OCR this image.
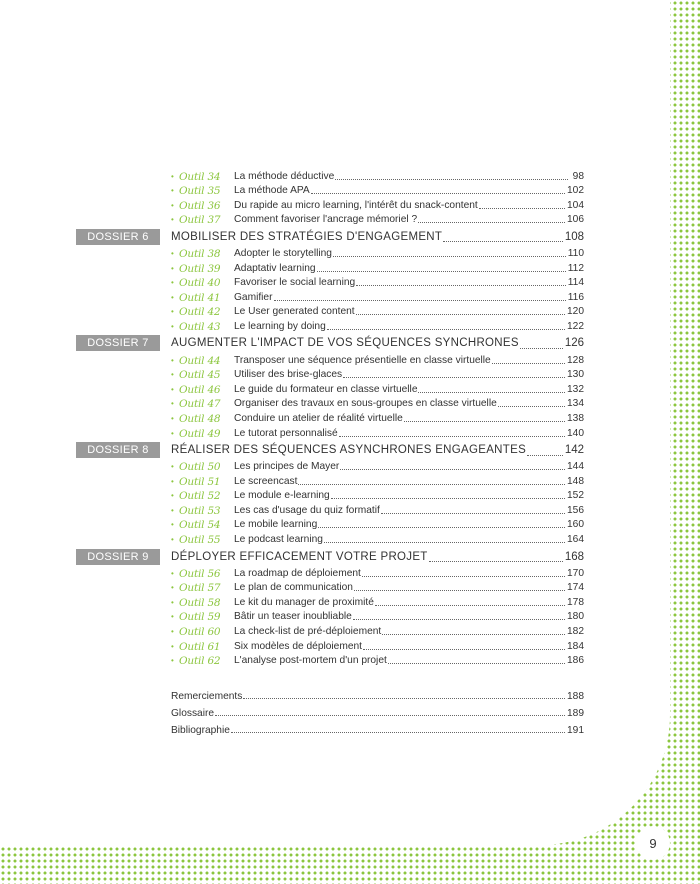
• Outil 34	La méthode déductive	98
• Outil 35	La méthode APA	102
• Outil 36	Du rapide au micro learning, l'intérêt du snack-content	104
• Outil 37	Comment favoriser l'ancrage mémoriel ?	106
DOSSIER 6	MOBILISER DES STRATÉGIES D'ENGAGEMENT	108
• Outil 38	Adopter le storytelling	110
• Outil 39	Adaptativ learning	112
• Outil 40	Favoriser le social learning	114
• Outil 41	Gamifier	116
• Outil 42	Le User generated content	120
• Outil 43	Le learning by doing	122
DOSSIER 7	AUGMENTER L'IMPACT DE VOS SÉQUENCES SYNCHRONES	126
• Outil 44	Transposer une séquence présentielle en classe virtuelle	128
• Outil 45	Utiliser des brise-glaces	130
• Outil 46	Le guide du formateur en classe virtuelle	132
• Outil 47	Organiser des travaux en sous-groupes en classe virtuelle	134
• Outil 48	Conduire un atelier de réalité virtuelle	138
• Outil 49	Le tutorat personnalisé	140
DOSSIER 8	RÉALISER DES SÉQUENCES ASYNCHRONES ENGAGEANTES	142
• Outil 50	Les principes de Mayer	144
• Outil 51	Le screencast	148
• Outil 52	Le module e-learning	152
• Outil 53	Les cas d'usage du quiz formatif	156
• Outil 54	Le mobile learning	160
• Outil 55	Le podcast learning	164
DOSSIER 9	DÉPLOYER EFFICACEMENT VOTRE PROJET	168
• Outil 56	La roadmap de déploiement	170
• Outil 57	Le plan de communication	174
• Outil 58	Le kit du manager de proximité	178
• Outil 59	Bâtir un teaser inoubliable	180
• Outil 60	La check-list de pré-déploiement	182
• Outil 61	Six modèles de déploiement	184
• Outil 62	L'analyse post-mortem d'un projet	186
Remerciements	188
Glossaire	189
Bibliographie	191
9
